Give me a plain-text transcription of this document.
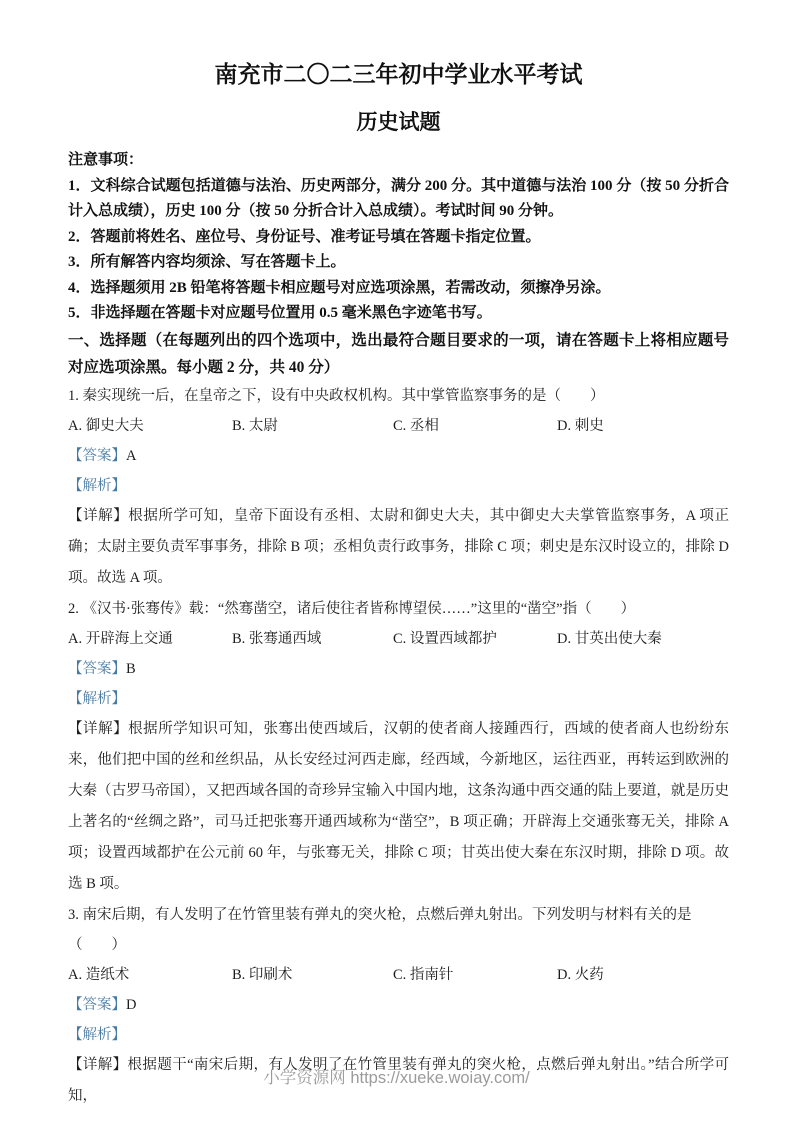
南充市二〇二三年初中学业水平考试
历史试题

注意事项：

1．文科综合试题包括道德与法治、历史两部分，满分 200 分。其中道德与法治 100 分（按 50 分折合计入总成绩），历史 100 分（按 50 分折合计入总成绩）。考试时间 90 分钟。

2．答题前将姓名、座位号、身份证号、准考证号填在答题卡指定位置。

3．所有解答内容均须涂、写在答题卡上。

4．选择题须用 2B 铅笔将答题卡相应题号对应选项涂黑，若需改动，须擦净另涂。

5．非选择题在答题卡对应题号位置用 0.5 毫米黑色字迹笔书写。

一、选择题（在每题列出的四个选项中，选出最符合题目要求的一项，请在答题卡上将相应题号对应选项涂黑。每小题 2 分，共 40 分）

1. 秦实现统一后，在皇帝之下，设有中央政权机构。其中掌管监察事务的是（　　）

A. 御史大夫	B. 太尉	C. 丞相	D. 刺史

【答案】A

【解析】

【详解】根据所学可知，皇帝下面设有丞相、太尉和御史大夫，其中御史大夫掌管监察事务，A 项正确；太尉主要负责军事事务，排除 B 项；丞相负责行政事务，排除 C 项；刺史是东汉时设立的，排除 D 项。故选 A 项。

2. 《汉书·张骞传》载：“然骞凿空，诸后使往者皆称博望侯……”这里的“凿空”指（　　）

A. 开辟海上交通	B. 张骞通西域	C. 设置西域都护	D. 甘英出使大秦

【答案】B

【解析】

【详解】根据所学知识可知，张骞出使西域后，汉朝的使者商人接踵西行，西域的使者商人也纷纷东来，他们把中国的丝和丝织品，从长安经过河西走廊，经西域，今新地区，运往西亚，再转运到欧洲的大秦（古罗马帝国），又把西域各国的奇珍异宝输入中国内地，这条沟通中西交通的陆上要道，就是历史上著名的“丝绸之路”，司马迁把张骞开通西域称为“凿空”，B 项正确；开辟海上交通张骞无关，排除 A 项；设置西域都护在公元前 60 年，与张骞无关，排除 C 项；甘英出使大秦在东汉时期，排除 D 项。故选 B 项。

3. 南宋后期，有人发明了在竹管里装有弹丸的突火枪，点燃后弹丸射出。下列发明与材料有关的是（　　）

A. 造纸术	B. 印刷术	C. 指南针	D. 火药

【答案】D

【解析】

【详解】根据题干“南宋后期，有人发明了在竹管里装有弹丸的突火枪，点燃后弹丸射出。”结合所学可知，

小学资源网 https://xueke.woiay.com/
